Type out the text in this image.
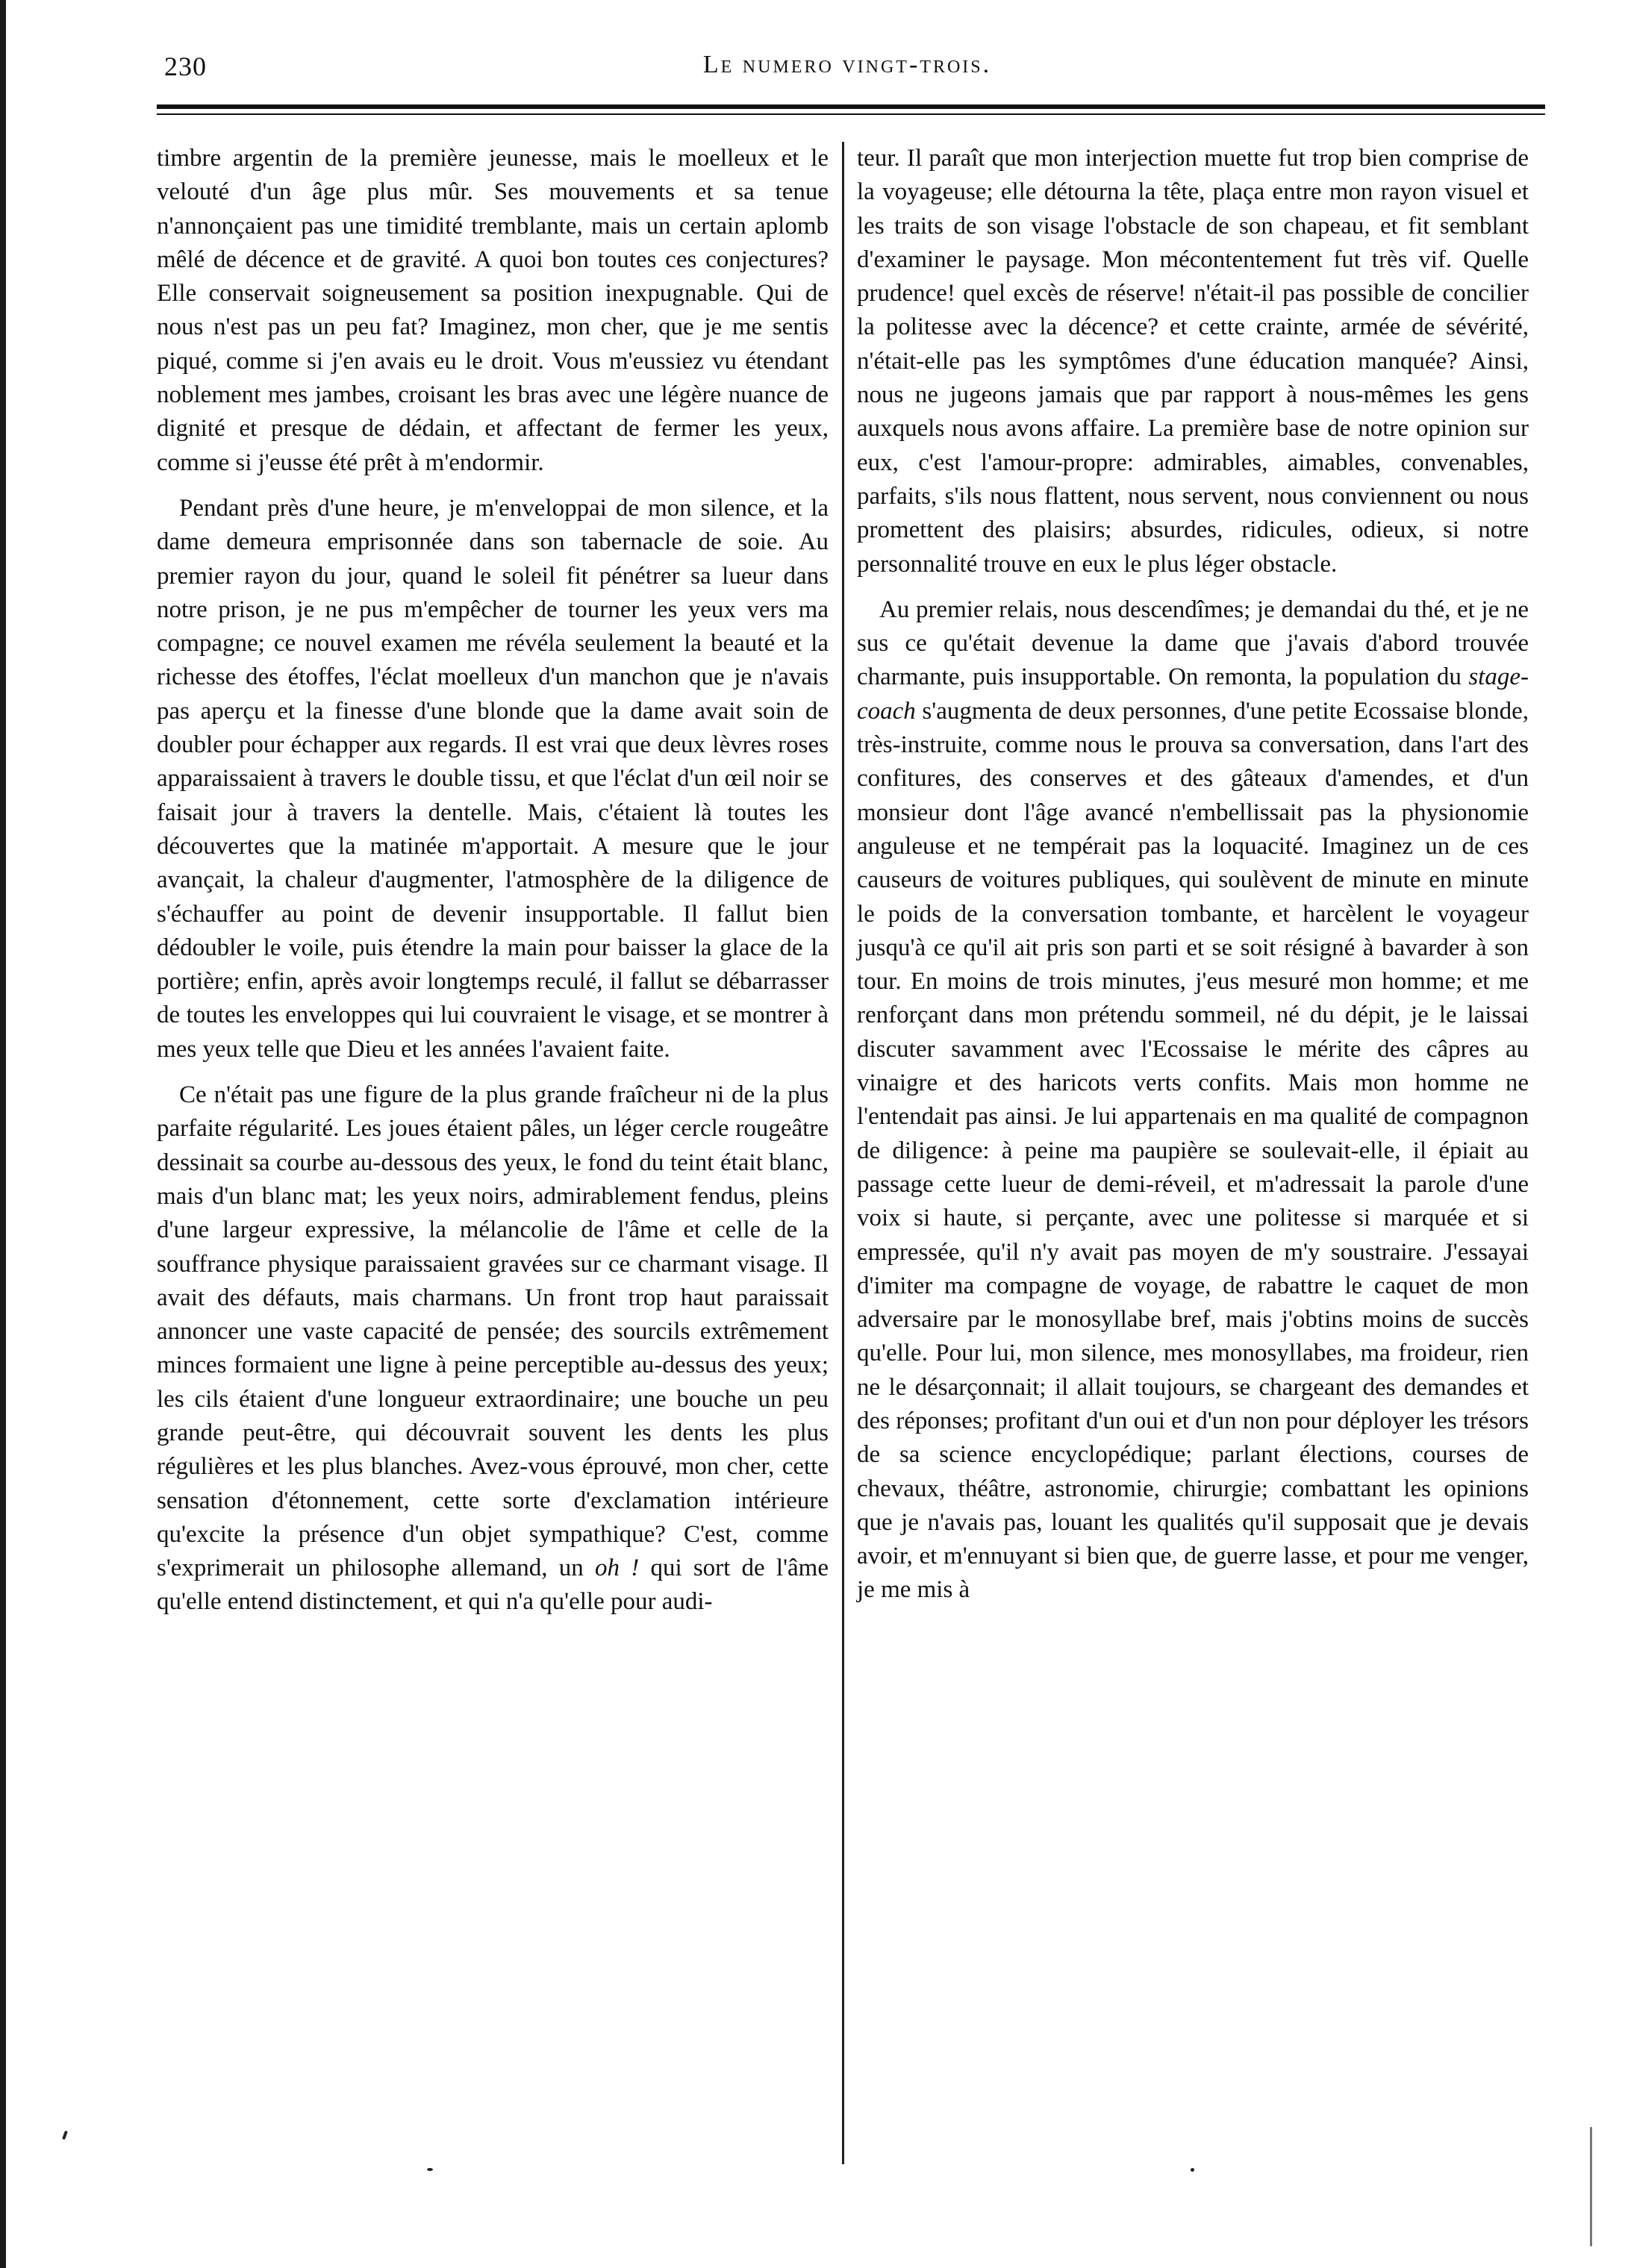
230	Le numero vingt-trois.

timbre argentin de la première jeunesse, mais le moelleux et le velouté d'un âge plus mûr. Ses mouvements et sa tenue n'annonçaient pas une timidité tremblante, mais un certain aplomb mêlé de décence et de gravité. A quoi bon toutes ces conjectures? Elle conservait soigneusement sa position inexpugnable. Qui de nous n'est pas un peu fat? Imaginez, mon cher, que je me sentis piqué, comme si j'en avais eu le droit. Vous m'eussiez vu étendant noblement mes jambes, croisant les bras avec une légère nuance de dignité et presque de dédain, et affectant de fermer les yeux, comme si j'eusse été prêt à m'endormir.

Pendant près d'une heure, je m'enveloppai de mon silence, et la dame demeura emprisonnée dans son tabernacle de soie. Au premier rayon du jour, quand le soleil fit pénétrer sa lueur dans notre prison, je ne pus m'empêcher de tourner les yeux vers ma compagne; ce nouvel examen me révéla seulement la beauté et la richesse des étoffes, l'éclat moelleux d'un manchon que je n'avais pas aperçu et la finesse d'une blonde que la dame avait soin de doubler pour échapper aux regards. Il est vrai que deux lèvres roses apparaissaient à travers le double tissu, et que l'éclat d'un œil noir se faisait jour à travers la dentelle. Mais, c'étaient là toutes les découvertes que la matinée m'apportait. A mesure que le jour avançait, la chaleur d'augmenter, l'atmosphère de la diligence de s'échauffer au point de devenir insupportable. Il fallut bien dédoubler le voile, puis étendre la main pour baisser la glace de la portière; enfin, après avoir longtemps reculé, il fallut se débarrasser de toutes les enveloppes qui lui couvraient le visage, et se montrer à mes yeux telle que Dieu et les années l'avaient faite.

Ce n'était pas une figure de la plus grande fraîcheur ni de la plus parfaite régularité. Les joues étaient pâles, un léger cercle rougeâtre dessinait sa courbe au-dessous des yeux, le fond du teint était blanc, mais d'un blanc mat; les yeux noirs, admirablement fendus, pleins d'une largeur expressive, la mélancolie de l'âme et celle de la souffrance physique paraissaient gravées sur ce charmant visage. Il avait des défauts, mais charmans. Un front trop haut paraissait annoncer une vaste capacité de pensée; des sourcils extrêmement minces formaient une ligne à peine perceptible au-dessus des yeux; les cils étaient d'une longueur extraordinaire; une bouche un peu grande peut-être, qui découvrait souvent les dents les plus régulières et les plus blanches. Avez-vous éprouvé, mon cher, cette sensation d'étonnement, cette sorte d'exclamation intérieure qu'excite la présence d'un objet sympathique? C'est, comme s'exprimerait un philosophe allemand, un oh ! qui sort de l'âme qu'elle entend distinctement, et qui n'a qu'elle pour audi-

teur. Il paraît que mon interjection muette fut trop bien comprise de la voyageuse; elle détourna la tête, plaça entre mon rayon visuel et les traits de son visage l'obstacle de son chapeau, et fit semblant d'examiner le paysage. Mon mécontentement fut très vif. Quelle prudence! quel excès de réserve! n'était-il pas possible de concilier la politesse avec la décence? et cette crainte, armée de sévérité, n'était-elle pas les symptômes d'une éducation manquée? Ainsi, nous ne jugeons jamais que par rapport à nous-mêmes les gens auxquels nous avons affaire. La première base de notre opinion sur eux, c'est l'amour-propre: admirables, aimables, convenables, parfaits, s'ils nous flattent, nous servent, nous conviennent ou nous promettent des plaisirs; absurdes, ridicules, odieux, si notre personnalité trouve en eux le plus léger obstacle.

Au premier relais, nous descendîmes; je demandai du thé, et je ne sus ce qu'était devenue la dame que j'avais d'abord trouvée charmante, puis insupportable. On remonta, la population du stage-coach s'augmenta de deux personnes, d'une petite Ecossaise blonde, très-instruite, comme nous le prouva sa conversation, dans l'art des confitures, des conserves et des gâteaux d'amendes, et d'un monsieur dont l'âge avancé n'embellissait pas la physionomie anguleuse et ne tempérait pas la loquacité. Imaginez un de ces causeurs de voitures publiques, qui soulèvent de minute en minute le poids de la conversation tombante, et harcèlent le voyageur jusqu'à ce qu'il ait pris son parti et se soit résigné à bavarder à son tour. En moins de trois minutes, j'eus mesuré mon homme; et me renforçant dans mon prétendu sommeil, né du dépit, je le laissai discuter savamment avec l'Ecossaise le mérite des câpres au vinaigre et des haricots verts confits. Mais mon homme ne l'entendait pas ainsi. Je lui appartenais en ma qualité de compagnon de diligence: à peine ma paupière se soulevait-elle, il épiait au passage cette lueur de demi-réveil, et m'adressait la parole d'une voix si haute, si perçante, avec une politesse si marquée et si empressée, qu'il n'y avait pas moyen de m'y soustraire. J'essayai d'imiter ma compagne de voyage, de rabattre le caquet de mon adversaire par le monosyllabe bref, mais j'obtins moins de succès qu'elle. Pour lui, mon silence, mes monosyllabes, ma froideur, rien ne le désarçonnait; il allait toujours, se chargeant des demandes et des réponses; profitant d'un oui et d'un non pour déployer les trésors de sa science encyclopédique; parlant élections, courses de chevaux, théâtre, astronomie, chirurgie; combattant les opinions que je n'avais pas, louant les qualités qu'il supposait que je devais avoir, et m'ennuyant si bien que, de guerre lasse, et pour me venger, je me mis à
